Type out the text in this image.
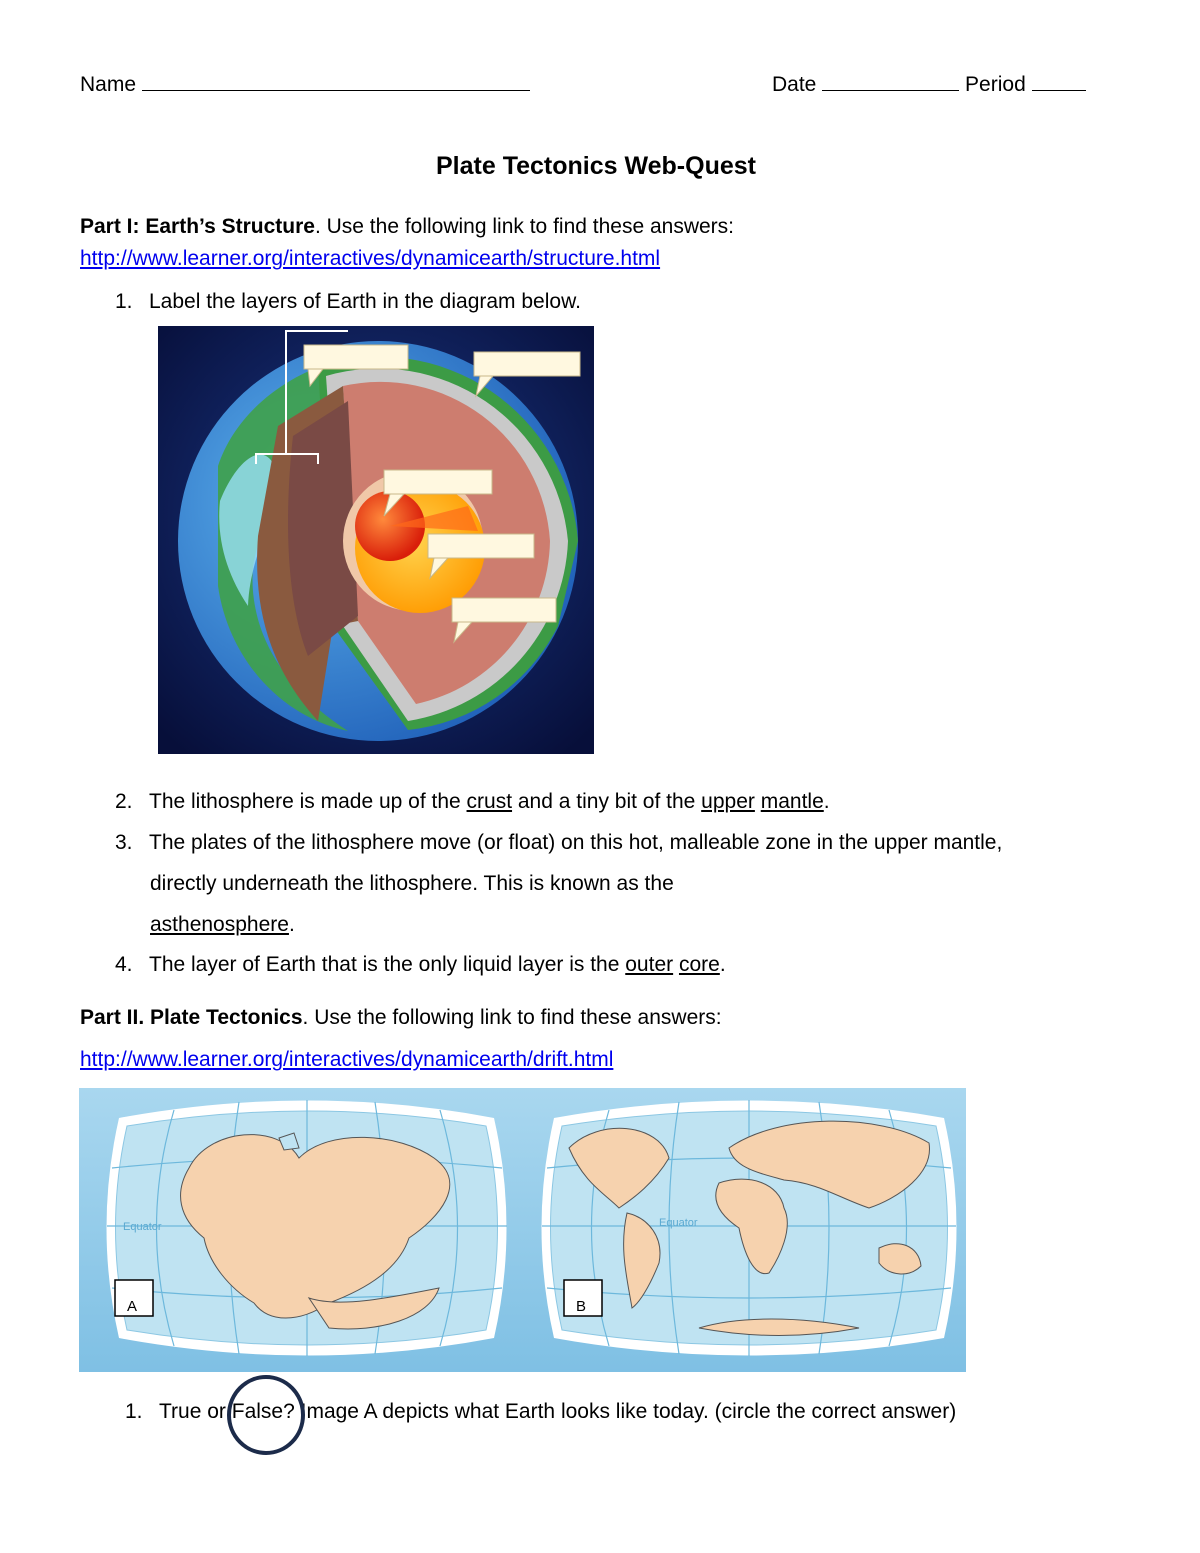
Name	Date	Period
Plate Tectonics Web-Quest
Part I: Earth’s Structure. Use the following link to find these answers:
http://www.learner.org/interactives/dynamicearth/structure.html
1. Label the layers of Earth in the diagram below.
2. The lithosphere is made up of the crust and a tiny bit of the upper mantle.
3. The plates of the lithosphere move (or float) on this hot, malleable zone in the upper mantle,
directly underneath the lithosphere. This is known as the
asthenosphere.
4. The layer of Earth that is the only liquid layer is the outer core.
Part II. Plate Tectonics. Use the following link to find these answers:
http://www.learner.org/interactives/dynamicearth/drift.html
Equator
A
Equator
B
1. True or False? Image A depicts what Earth looks like today. (circle the correct answer)
